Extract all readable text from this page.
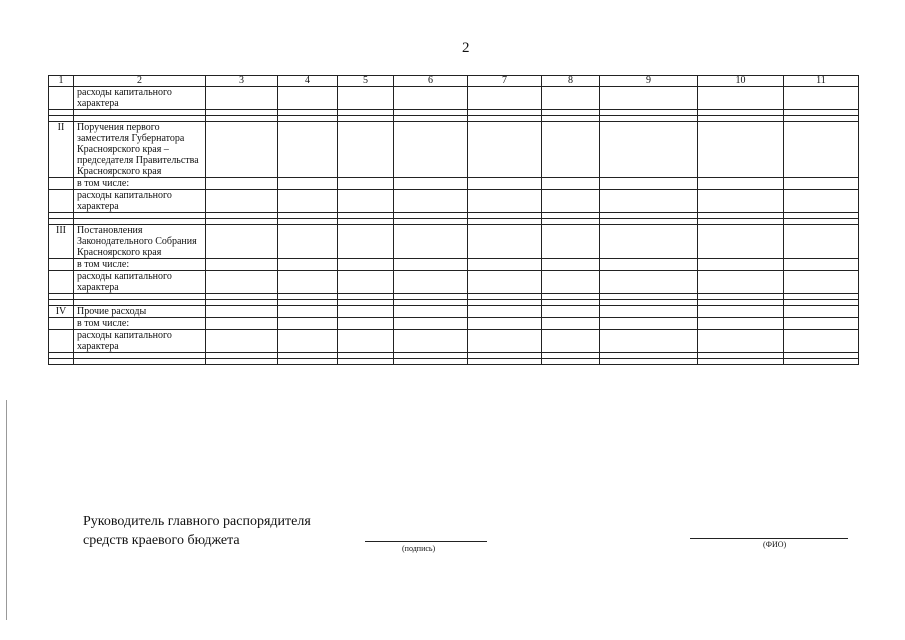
2
1	2	3	4	5	6	7	8	9	10	11
	расходы капитального характера									

II	Поручения первого заместителя Губернатора Красноярского края – председателя Правительства Красноярского края									
	в том числе:									
	расходы капитального характера									

III	Постановления Законодательного Собрания Красноярского края									
	в том числе:									
	расходы капитального характера									

IV	Прочие расходы									
	в том числе:									
	расходы капитального характера									

Руководитель главного распорядителя
средств краевого бюджета
(подпись)	(ФИО)
